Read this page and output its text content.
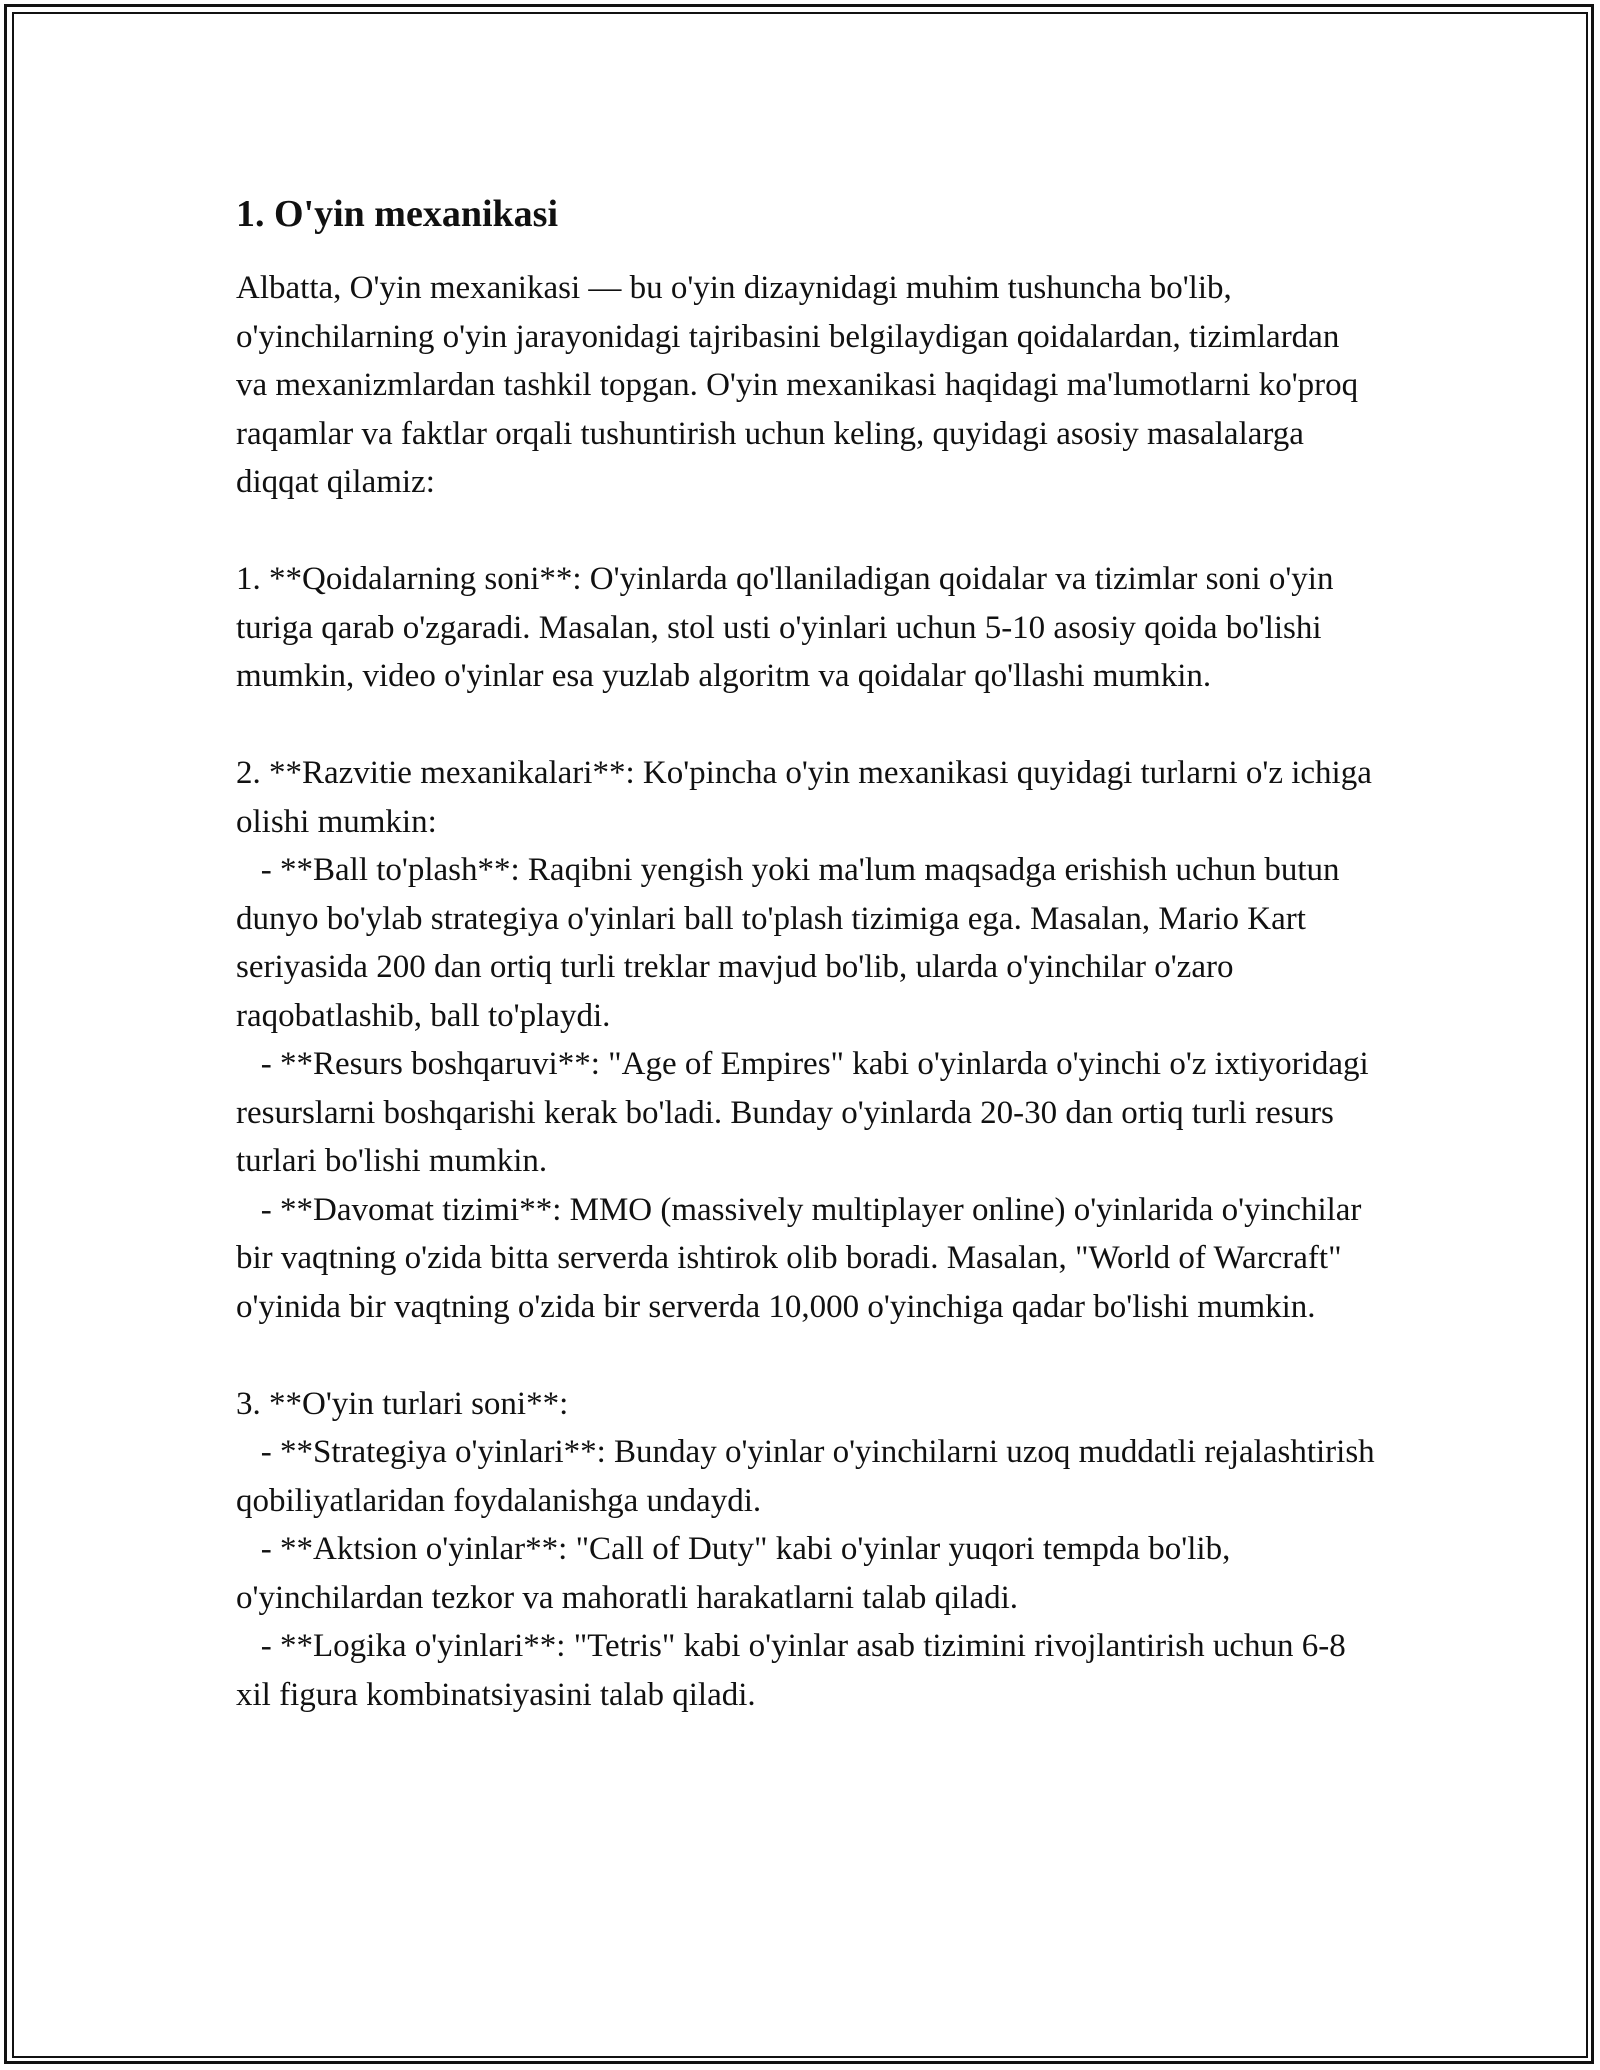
1. O'yin mexanikasi

Albatta, O'yin mexanikasi — bu o'yin dizaynidagi muhim tushuncha bo'lib, o'yinchilarning o'yin jarayonidagi tajribasini belgilaydigan qoidalardan, tizimlardan va mexanizmlardan tashkil topgan. O'yin mexanikasi haqidagi ma'lumotlarni ko'proq raqamlar va faktlar orqali tushuntirish uchun keling, quyidagi asosiy masalalarga diqqat qilamiz:

1. **Qoidalarning soni**: O'yinlarda qo'llaniladigan qoidalar va tizimlar soni o'yin turiga qarab o'zgaradi. Masalan, stol usti o'yinlari uchun 5-10 asosiy qoida bo'lishi mumkin, video o'yinlar esa yuzlab algoritm va qoidalar qo'llashi mumkin.

2. **Razvitie mexanikalari**: Ko'pincha o'yin mexanikasi quyidagi turlarni o'z ichiga olishi mumkin:
- **Ball to'plash**: Raqibni yengish yoki ma'lum maqsadga erishish uchun butun dunyo bo'ylab strategiya o'yinlari ball to'plash tizimiga ega. Masalan, Mario Kart seriyasida 200 dan ortiq turli treklar mavjud bo'lib, ularda o'yinchilar o'zaro raqobatlashib, ball to'playdi.
- **Resurs boshqaruvi**: "Age of Empires" kabi o'yinlarda o'yinchi o'z ixtiyoridagi resurslarni boshqarishi kerak bo'ladi. Bunday o'yinlarda 20-30 dan ortiq turli resurs turlari bo'lishi mumkin.
- **Davomat tizimi**: MMO (massively multiplayer online) o'yinlarida o'yinchilar bir vaqtning o'zida bitta serverda ishtirok olib boradi. Masalan, "World of Warcraft" o'yinida bir vaqtning o'zida bir serverda 10,000 o'yinchiga qadar bo'lishi mumkin.

3. **O'yin turlari soni**:
- **Strategiya o'yinlari**: Bunday o'yinlar o'yinchilarni uzoq muddatli rejalashtirish qobiliyatlaridan foydalanishga undaydi.
- **Aktsion o'yinlar**: "Call of Duty" kabi o'yinlar yuqori tempda bo'lib, o'yinchilardan tezkor va mahoratli harakatlarni talab qiladi.
- **Logika o'yinlari**: "Tetris" kabi o'yinlar asab tizimini rivojlantirish uchun 6-8 xil figura kombinatsiyasini talab qiladi.
